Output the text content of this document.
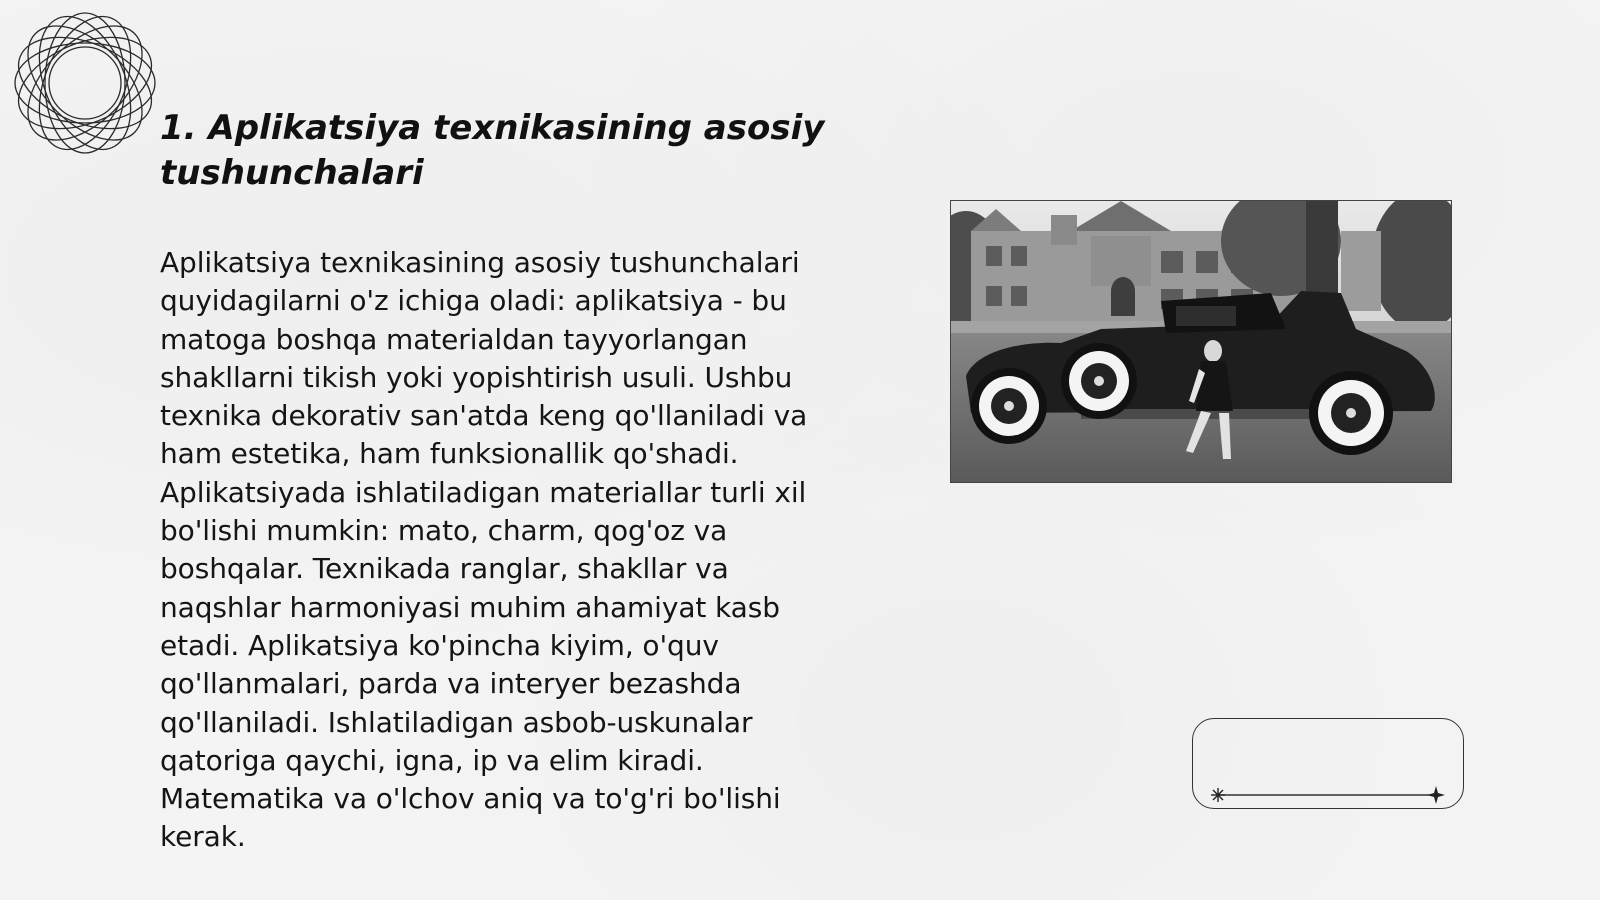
1. Aplikatsiya texnikasining asosiy tushunchalari

Aplikatsiya texnikasining asosiy tushunchalari quyidagilarni o'z ichiga oladi: aplikatsiya - bu matoga boshqa materialdan tayyorlangan shakllarni tikish yoki yopishtirish usuli. Ushbu texnika dekorativ san'atda keng qo'llaniladi va ham estetika, ham funksionallik qo'shadi. Aplikatsiyada ishlatiladigan materiallar turli xil bo'lishi mumkin: mato, charm, qog'oz va boshqalar. Texnikada ranglar, shakllar va naqshlar harmoniyasi muhim ahamiyat kasb etadi. Aplikatsiya ko'pincha kiyim, o'quv qo'llanmalari, parda va interyer bezashda qo'llaniladi. Ishlatiladigan asbob-uskunalar qatoriga qaychi, igna, ip va elim kiradi. Matematika va o'lchov aniq va to'g'ri bo'lishi kerak.
